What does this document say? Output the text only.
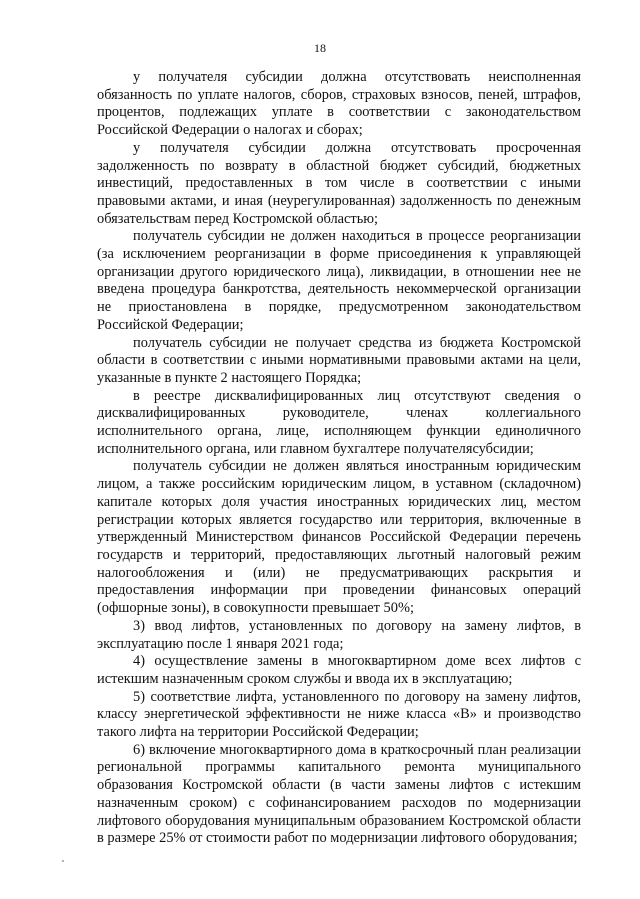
18

у получателя субсидии должна отсутствовать неисполненная обязанность по уплате налогов, сборов, страховых взносов, пеней, штрафов, процентов, подлежащих уплате в соответствии с законодательством Российской Федерации о налогах и сборах;

у получателя субсидии должна отсутствовать просроченная задолженность по возврату в областной бюджет субсидий, бюджетных инвестиций, предоставленных в том числе в соответствии с иными правовыми актами, и иная (неурегулированная) задолженность по денежным обязательствам перед Костромской областью;

получатель субсидии не должен находиться в процессе реорганизации (за исключением реорганизации в форме присоединения к управляющей организации другого юридического лица), ликвидации, в отношении нее не введена процедура банкротства, деятельность некоммерческой организации не приостановлена в порядке, предусмотренном законодательством Российской Федерации;

получатель субсидии не получает средства из бюджета Костромской области в соответствии с иными нормативными правовыми актами на цели, указанные в пункте 2 настоящего Порядка;

в реестре дисквалифицированных лиц отсутствуют сведения о дисквалифицированных руководителе, членах коллегиального исполнительного органа, лице, исполняющем функции единоличного исполнительного органа, или главном бухгалтере получателясубсидии;

получатель субсидии не должен являться иностранным юридическим лицом, а также российским юридическим лицом, в уставном (складочном) капитале которых доля участия иностранных юридических лиц, местом регистрации которых является государство или территория, включенные в утвержденный Министерством финансов Российской Федерации перечень государств и территорий, предоставляющих льготный налоговый режим налогообложения и (или) не предусматривающих раскрытия и предоставления информации при проведении финансовых операций (офшорные зоны), в совокупности превышает 50%;

3) ввод лифтов, установленных по договору на замену лифтов, в эксплуатацию после 1 января 2021 года;

4) осуществление замены в многоквартирном доме всех лифтов с истекшим назначенным сроком службы и ввода их в эксплуатацию;

5) соответствие лифта, установленного по договору на замену лифтов, классу энергетической эффективности не ниже класса «В» и производство такого лифта на территории Российской Федерации;

6) включение многоквартирного дома в краткосрочный план реализации региональной программы капитального ремонта муниципального образования Костромской области (в части замены лифтов с истекшим назначенным сроком) с софинансированием расходов по модернизации лифтового оборудования муниципальным образованием Костромской области в размере 25% от стоимости работ по модернизации лифтового оборудования;
